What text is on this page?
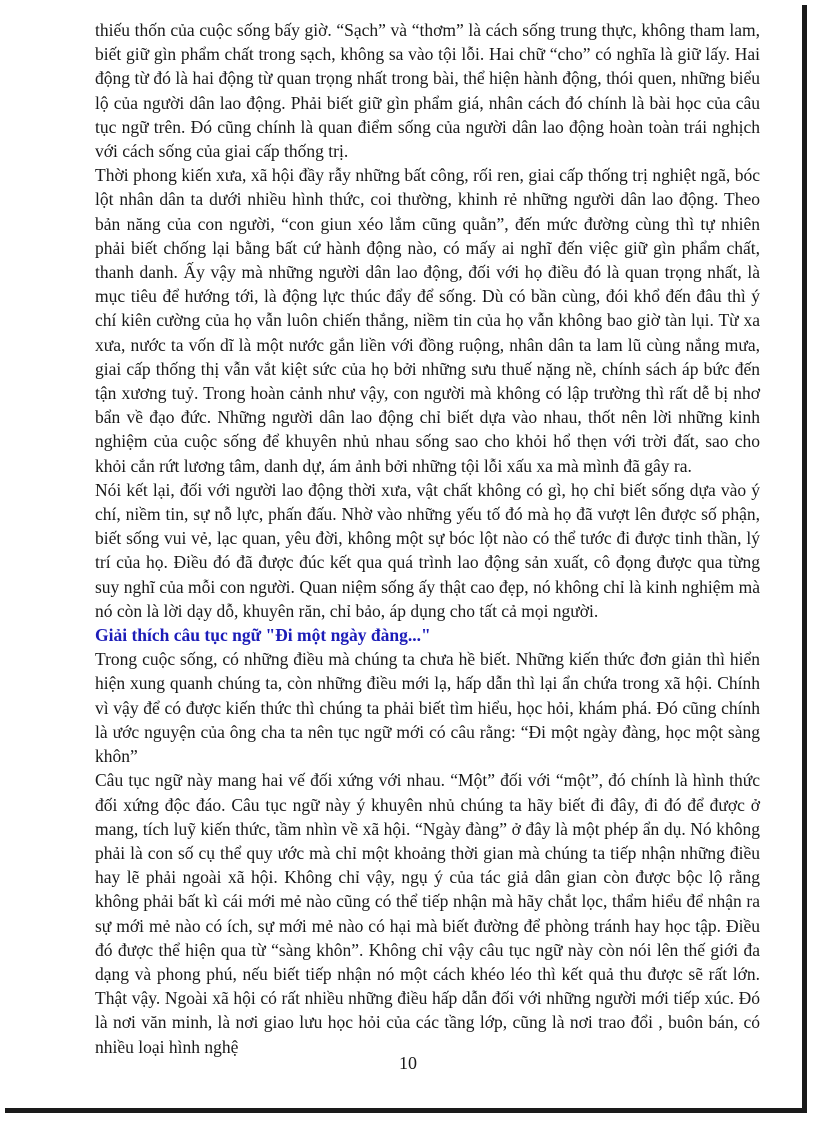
thiếu thốn của cuộc sống bấy giờ. “Sạch” và “thơm” là cách sống trung thực, không tham lam, biết giữ gìn phẩm chất trong sạch, không sa vào tội lỗi. Hai chữ “cho” có nghĩa là giữ lấy. Hai động từ đó là hai động từ quan trọng nhất trong bài, thể hiện hành động, thói quen, những biểu lộ của người dân lao động. Phải biết giữ gìn phẩm giá, nhân cách đó chính là bài học của câu tục ngữ trên. Đó cũng chính là quan điểm sống của người dân lao động hoàn toàn trái nghịch với cách sống của giai cấp thống trị.

Thời phong kiến xưa, xã hội đầy rẫy những bất công, rối ren, giai cấp thống trị nghiệt ngã, bóc lột nhân dân ta dưới nhiều hình thức, coi thường, khinh rẻ những người dân lao động. Theo bản năng của con người, “con giun xéo lắm cũng quằn”, đến mức đường cùng thì tự nhiên phải biết chống lại bằng bất cứ hành động nào, có mấy ai nghĩ đến việc giữ gìn phẩm chất, thanh danh. Ấy vậy mà những người dân lao động, đối với họ điều đó là quan trọng nhất, là mục tiêu để hướng tới, là động lực thúc đẩy để sống. Dù có bần cùng, đói khổ đến đâu thì ý chí kiên cường của họ vẫn luôn chiến thắng, niềm tin của họ vẫn không bao giờ tàn lụi. Từ xa xưa, nước ta vốn dĩ là một nước gắn liền với đồng ruộng, nhân dân ta lam lũ cùng nắng mưa, giai cấp thống thị vẫn vắt kiệt sức của họ bởi những sưu thuế nặng nề, chính sách áp bức đến tận xương tuỷ. Trong hoàn cảnh như vậy, con người mà không có lập trường thì rất dễ bị nhơ bẩn về đạo đức. Những người dân lao động chỉ biết dựa vào nhau, thốt nên lời những kinh nghiệm của cuộc sống để khuyên nhủ nhau sống sao cho khỏi hổ thẹn với trời đất, sao cho khỏi cắn rứt lương tâm, danh dự, ám ảnh bởi những tội lỗi xấu xa mà mình đã gây ra.

Nói kết lại, đối với người lao động thời xưa, vật chất không có gì, họ chỉ biết sống dựa vào ý chí, niềm tin, sự nỗ lực, phấn đấu. Nhờ vào những yếu tố đó mà họ đã vượt lên được số phận, biết sống vui vẻ, lạc quan, yêu đời, không một sự bóc lột nào có thể tước đi được tinh thần, lý trí của họ. Điều đó đã được đúc kết qua quá trình lao động sản xuất, cô đọng được qua từng suy nghĩ của mỗi con người. Quan niệm sống ấy thật cao đẹp, nó không chỉ là kinh nghiệm mà nó còn là lời dạy dỗ, khuyên răn, chỉ bảo, áp dụng cho tất cả mọi người.

Giải thích câu tục ngữ "Đi một ngày đàng..."

Trong cuộc sống, có những điều mà chúng ta chưa hề biết. Những kiến thức đơn giản thì hiển hiện xung quanh chúng ta, còn những điều mới lạ, hấp dẫn thì lại ẩn chứa trong xã hội. Chính vì vậy để có được kiến thức thì chúng ta phải biết tìm hiểu, học hỏi, khám phá. Đó cũng chính là ước nguyện của ông cha ta nên tục ngữ mới có câu rằng: “Đi một ngày đàng, học một sàng khôn”

Câu tục ngữ này mang hai vế đối xứng với nhau. “Một” đối với “một”, đó chính là hình thức đối xứng độc đáo. Câu tục ngữ này ý khuyên nhủ chúng ta hãy biết đi đây, đi đó để được ở mang, tích luỹ kiến thức, tầm nhìn về xã hội. “Ngày đàng” ở đây là một phép ẩn dụ. Nó không phải là con số cụ thể quy ước mà chỉ một khoảng thời gian mà chúng ta tiếp nhận những điều hay lẽ phải ngoài xã hội. Không chỉ vậy, ngụ ý của tác giả dân gian còn được bộc lộ rằng không phải bất kì cái mới mẻ nào cũng có thể tiếp nhận mà hãy chắt lọc, thẩm hiểu để nhận ra sự mới mẻ nào có ích, sự mới mẻ nào có hại mà biết đường để phòng tránh hay học tập. Điều đó được thể hiện qua từ “sàng khôn”. Không chỉ vậy câu tục ngữ này còn nói lên thế giới đa dạng và phong phú, nếu biết tiếp nhận nó một cách khéo léo thì kết quả thu được sẽ rất lớn. Thật vậy. Ngoài xã hội có rất nhiều những điều hấp dẫn đối với những người mới tiếp xúc. Đó là nơi văn minh, là nơi giao lưu học hỏi của các tầng lớp, cũng là nơi trao đổi , buôn bán, có nhiều loại hình nghệ

10
